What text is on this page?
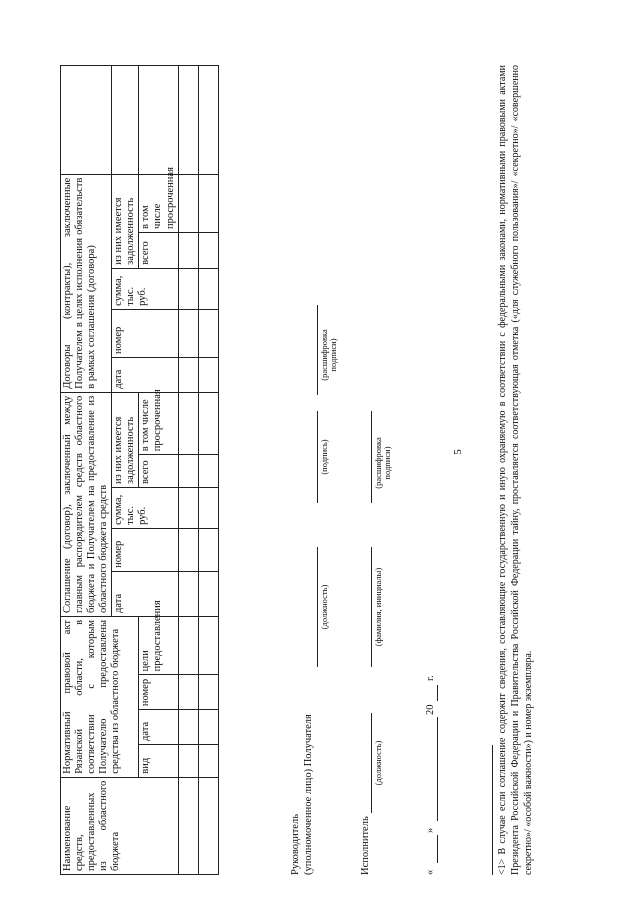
5
Наименование средств, предоставленных из областного бюджета	Нормативный правовой акт Рязанской области, в соответствии с которым Получателю предоставлены средства из областного бюджета				Соглашение (договор), заключенный между главным распорядителем средств областного бюджета и Получателем на предоставление из областного бюджета средств					Договоры (контракты), заключенные Получателем в целях исполнения обязательств в рамках соглашения (договора)					
					дата	номер	сумма, тыс. руб.	из них имеется задолженность		дата	номер	сумма, тыс. руб.	из них имеется задолженность		
	вид	дата	номер	цели предоставления				всего	в том числе просроченная				всего	в том числе просроченная	

Руководитель (уполномоченное лицо) Получателя
(должность)
(подпись)
(расшифровка подписи)
Исполнитель
(должность)
(фамилия, инициалы)
(расшифровка подписи)
«
»
20
г.	<1> В случае если соглашение содержит сведения, составляющие государственную и иную охраняемую в соответствии с федеральными законами, нормативными правовыми актами Президента Российской Федерации и Правительства Российской Федерации тайну, проставляется соответствующая отметка («для служебного пользования»/ «секретно»/ «совершенно секретно»/ «особой важности») и номер экземпляра.
